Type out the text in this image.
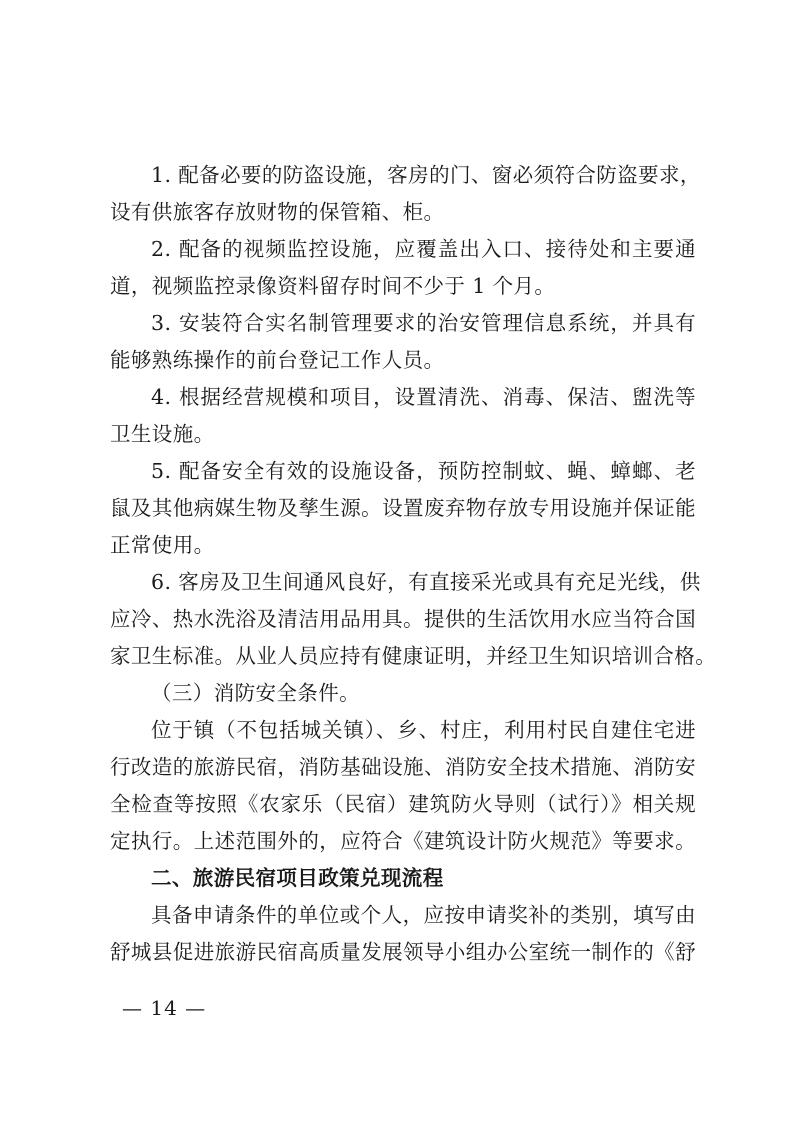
1. 配备必要的防盗设施，客房的门、窗必须符合防盗要求，
设有供旅客存放财物的保管箱、柜。
2. 配备的视频监控设施，应覆盖出入口、接待处和主要通
道，视频监控录像资料留存时间不少于 1 个月。
3. 安装符合实名制管理要求的治安管理信息系统，并具有
能够熟练操作的前台登记工作人员。
4. 根据经营规模和项目，设置清洗、消毒、保洁、盥洗等
卫生设施。
5. 配备安全有效的设施设备，预防控制蚊、蝇、蟑螂、老
鼠及其他病媒生物及孳生源。设置废弃物存放专用设施并保证能
正常使用。
6. 客房及卫生间通风良好，有直接采光或具有充足光线，供
应冷、热水洗浴及清洁用品用具。提供的生活饮用水应当符合国
家卫生标准。从业人员应持有健康证明，并经卫生知识培训合格。
（三）消防安全条件。
位于镇（不包括城关镇）、乡、村庄，利用村民自建住宅进
行改造的旅游民宿，消防基础设施、消防安全技术措施、消防安
全检查等按照《农家乐（民宿）建筑防火导则（试行）》相关规
定执行。上述范围外的，应符合《建筑设计防火规范》等要求。
二、旅游民宿项目政策兑现流程
具备申请条件的单位或个人，应按申请奖补的类别，填写由
舒城县促进旅游民宿高质量发展领导小组办公室统一制作的《舒
— 14 —
